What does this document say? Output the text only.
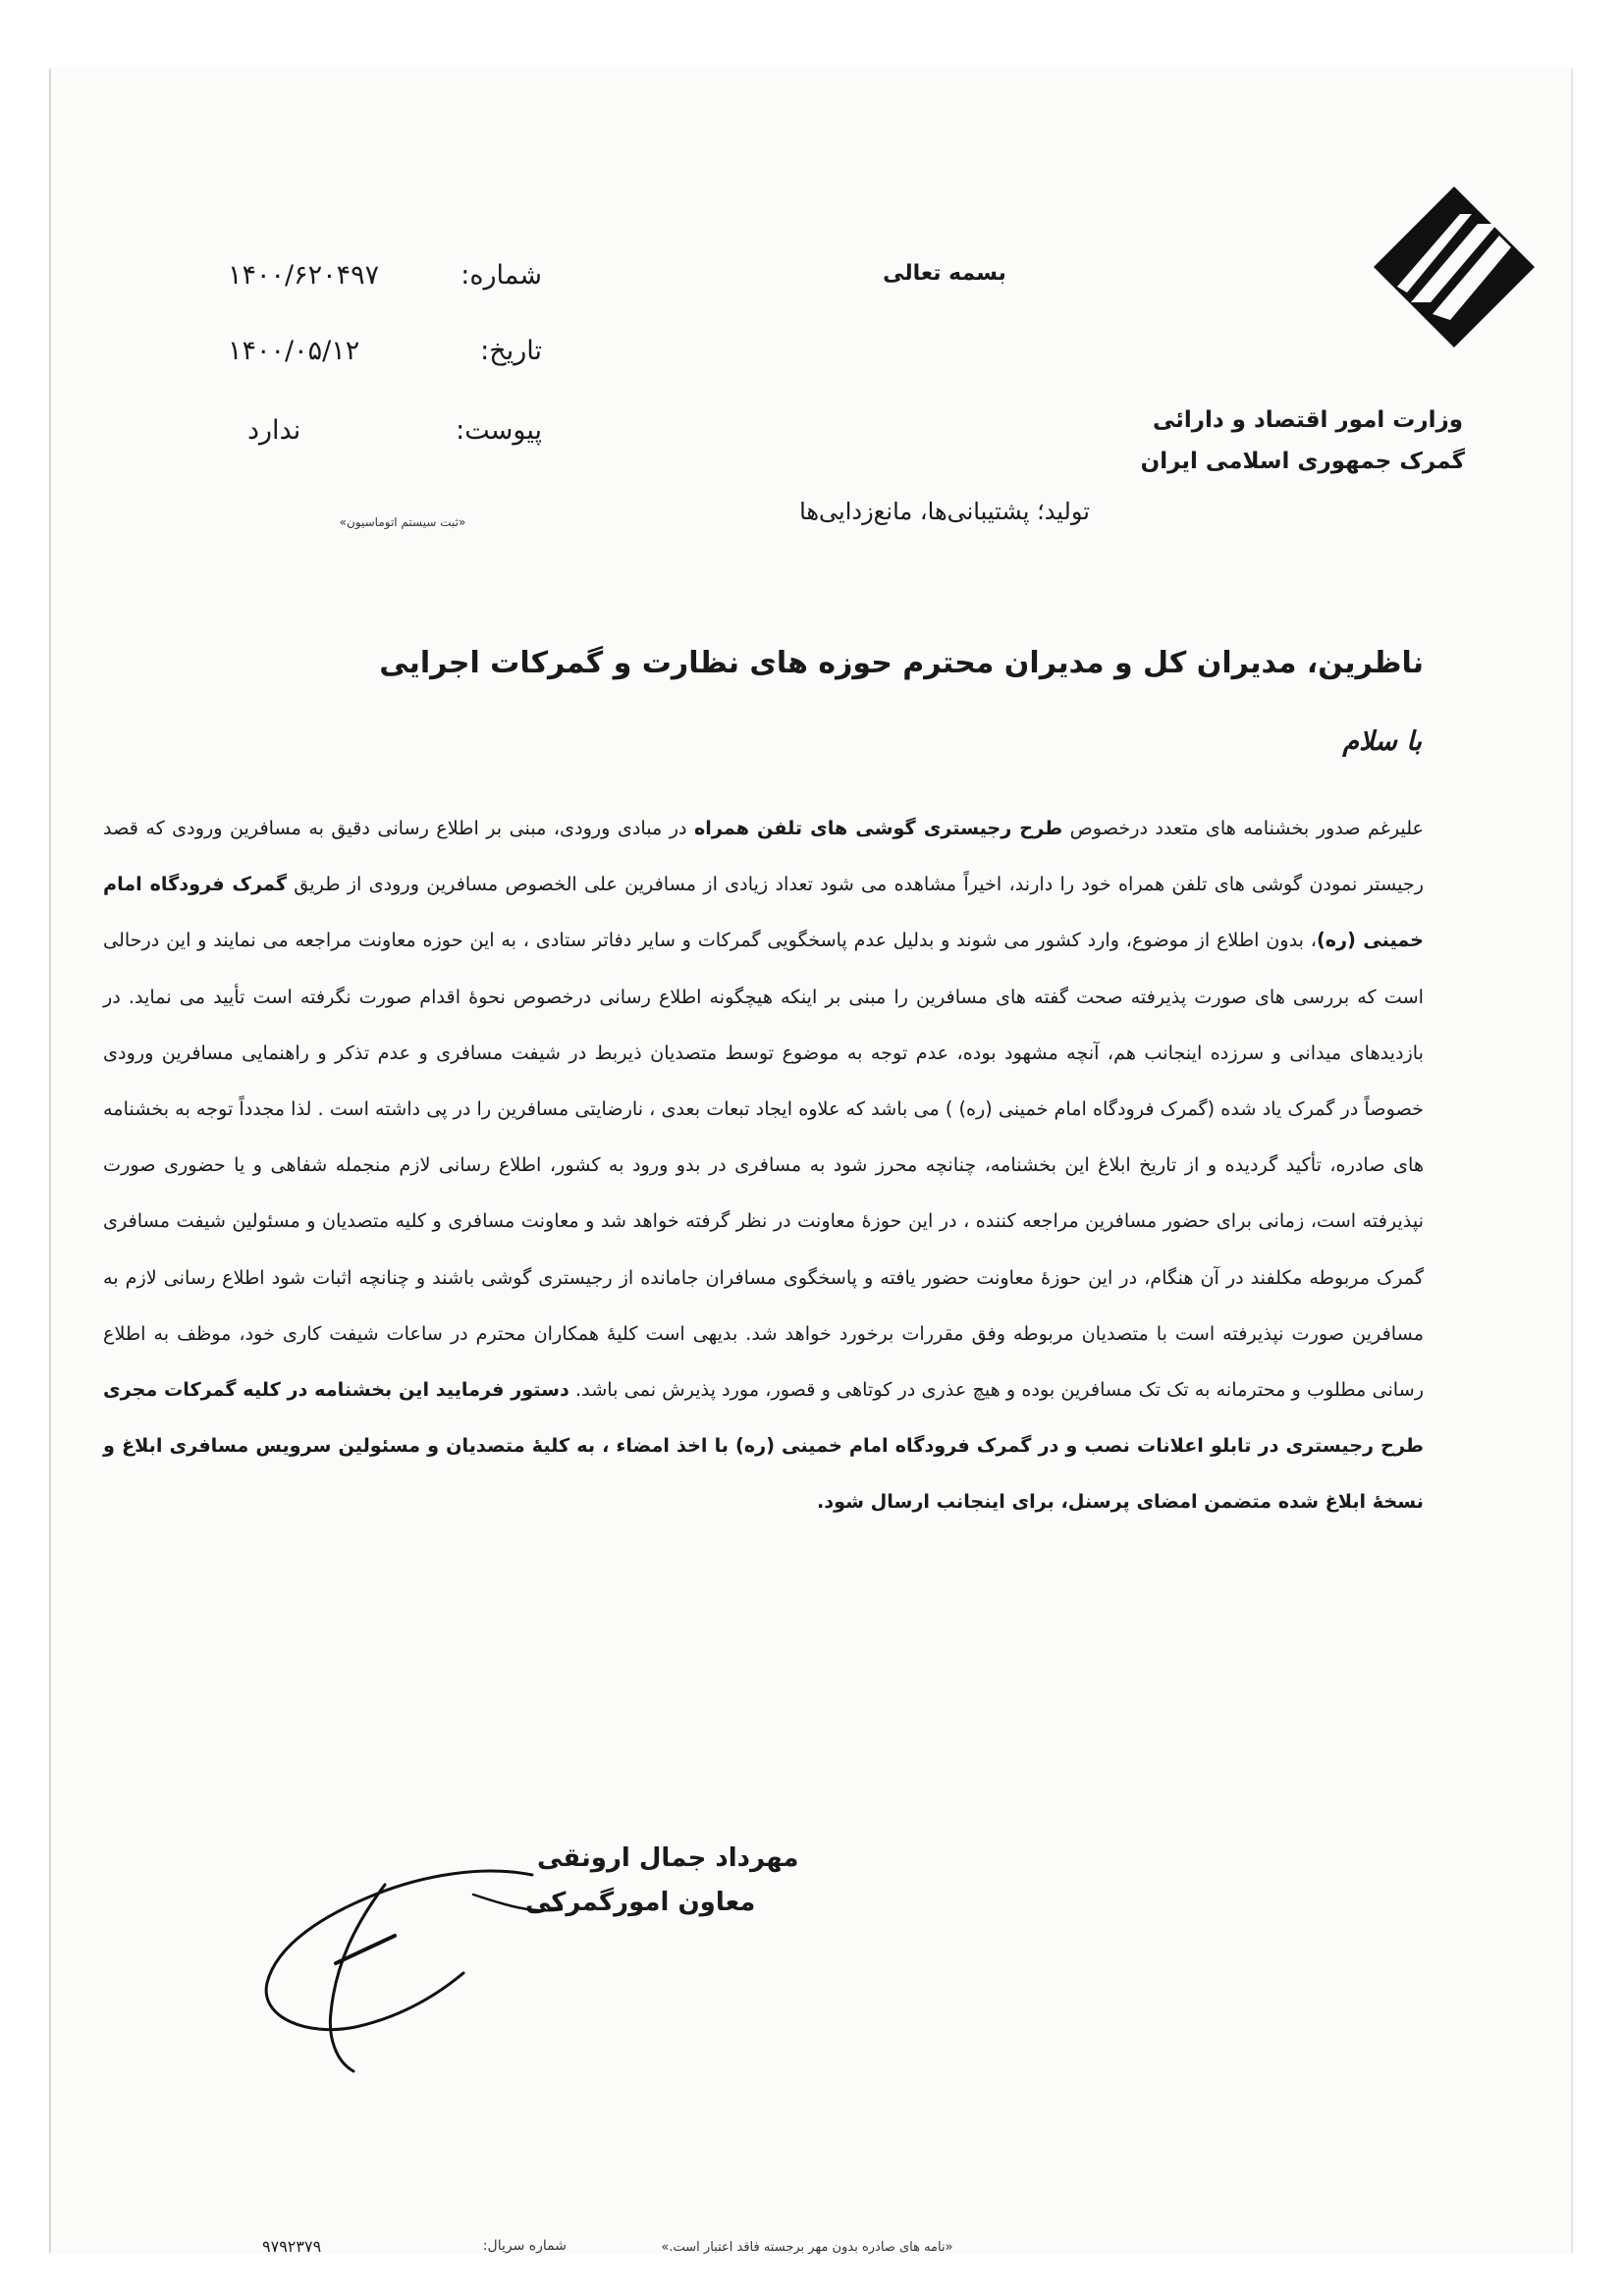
وزارت امور اقتصاد و دارائی
گمرک جمهوری اسلامی ایران
بسمه تعالی
شماره:
۱۴۰۰/۶۲۰۴۹۷
تاریخ:
۱۴۰۰/۰۵/۱۲
پیوست:
ندارد
«ثبت سیستم اتوماسیون»	تولید؛ پشتیبانی‌ها، مانع‌زدایی‌ها
ناظرین، مدیران کل و مدیران محترم حوزه های نظارت و گمرکات اجرایی
با سلام
علیرغم صدور بخشنامه های متعدد درخصوص طرح رجیستری گوشی های تلفن همراه در مبادی ورودی، مبنی بر اطلاع رسانی دقیق به مسافرین ورودی که قصد رجیستر نمودن گوشی های تلفن همراه خود را دارند، اخیراً مشاهده می شود تعداد زیادی از مسافرین علی الخصوص مسافرین ورودی از طریق گمرک فرودگاه امام خمینی (ره)، بدون اطلاع از موضوع، وارد کشور می شوند و بدلیل عدم پاسخگویی گمرکات و سایر دفاتر ستادی ، به این حوزه معاونت مراجعه می نمایند و این درحالی است که بررسی های صورت پذیرفته صحت گفته های مسافرین را مبنی بر اینکه هیچگونه اطلاع رسانی درخصوص نحوهٔ اقدام صورت نگرفته است تأیید می نماید. در بازدیدهای میدانی و سرزده اینجانب هم، آنچه مشهود بوده، عدم توجه به موضوع توسط متصدیان ذیربط در شیفت مسافری و عدم تذکر و راهنمایی مسافرین ورودی خصوصاً در گمرک یاد شده (گمرک فرودگاه امام خمینی (ره) ) می باشد که علاوه ایجاد تبعات بعدی ، نارضایتی مسافرین را در پی داشته است . لذا مجدداً توجه به بخشنامه های صادره، تأکید گردیده و از تاریخ ابلاغ این بخشنامه، چنانچه محرز شود به مسافری در بدو ورود به کشور، اطلاع رسانی لازم منجمله شفاهی و یا حضوری صورت نپذیرفته است، زمانی برای حضور مسافرین مراجعه کننده ، در این حوزهٔ معاونت در نظر گرفته خواهد شد و معاونت مسافری و کلیه متصدیان و مسئولین شیفت مسافری گمرک مربوطه مکلفند در آن هنگام، در این حوزهٔ معاونت حضور یافته و پاسخگوی مسافران جامانده از رجیستری گوشی باشند و چنانچه اثبات شود اطلاع رسانی لازم به مسافرین صورت نپذیرفته است با متصدیان مربوطه وفق مقررات برخورد خواهد شد. بدیهی است کلیهٔ همکاران محترم در ساعات شیفت کاری خود، موظف به اطلاع رسانی مطلوب و محترمانه به تک تک مسافرین بوده و هیچ عذری در کوتاهی و قصور، مورد پذیرش نمی باشد. دستور فرمایید این بخشنامه در کلیه گمرکات مجری طرح رجیستری در تابلو اعلانات نصب و در گمرک فرودگاه امام خمینی (ره) با اخذ امضاء ، به کلیهٔ متصدیان و مسئولین سرویس مسافری ابلاغ و نسخهٔ ابلاغ شده متضمن امضای پرسنل، برای اینجانب ارسال شود.
مهرداد جمال ارونقی
معاون امورگمرکی
«نامه های صادره بدون مهر برجسته فاقد اعتبار است.»
شماره سریال:
۹۷۹۲۳۷۹
